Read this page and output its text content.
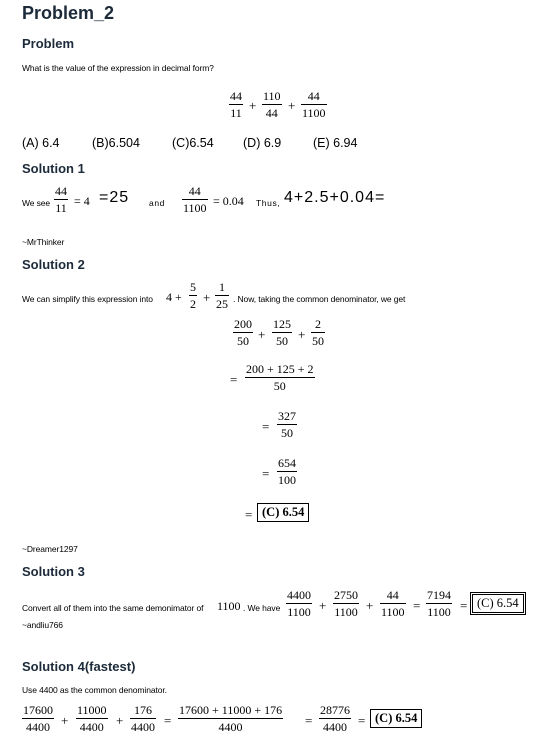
Problem_2
Problem
What is the value of the expression in decimal form?
44
11 +
110
44 +
44
1100
(A) 6.4	(B)6.504	(C)6.54 (D) 6.9	(E) 6.94
Solution 1
We see
44
11 = 4 =25 and
44
1100 = 0.04 Thus, 4+2.5+0.04=
~MrThinker
Solution 2
We can simplify this expression into 4 +
5
2 +
1
25 . Now, taking the common denominator, we get
200
50 +
125
50 +
2
50
=
200 + 125 + 2
50
=
327
50
=
654
100
= (C) 6.54
~Dreamer1297
Solution 3
Convert all of them into the same demonimator of 1100 . We have
4400
1100 +
2750
1100 +
44
1100 =
7194
1100 = (C) 6.54
~andliu766
Solution 4(fastest)
Use 4400 as the common denominator.
17600
4400 +
11000
4400 +
176
4400 =
17600 + 11000 + 176
4400	=
28776
4400 = (C) 6.54
